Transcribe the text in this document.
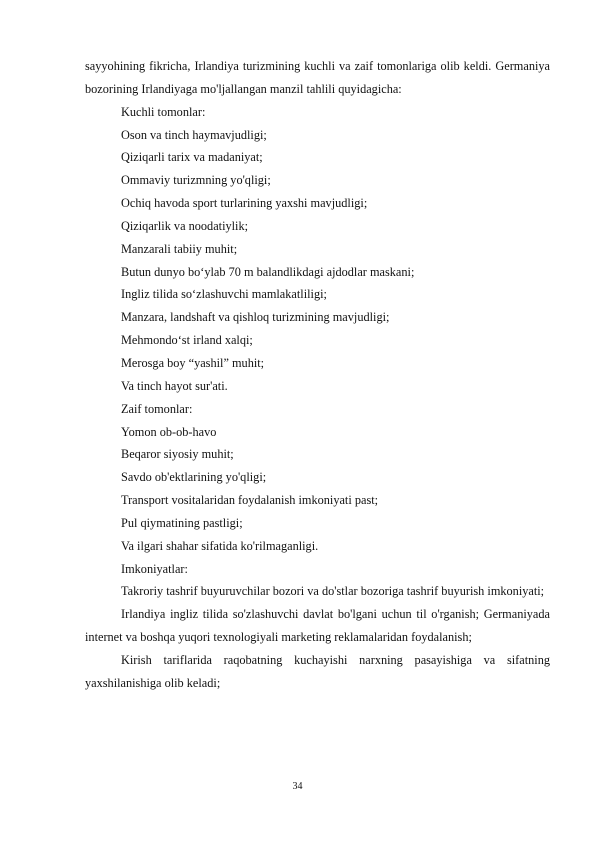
sayyohining fikricha, Irlandiya turizmining kuchli va zaif tomonlariga olib keldi. Germaniya bozorining Irlandiyaga mo'ljallangan manzil tahlili quyidagicha:

Kuchli tomonlar:

Oson va tinch haymavjudligi;

Qiziqarli tarix va madaniyat;

Ommaviy turizmning yo'qligi;

Ochiq havoda sport turlarining yaxshi mavjudligi;

Qiziqarlik va noodatiylik;

Manzarali tabiiy muhit;

Butun dunyo bo‘ylab 70 m balandlikdagi ajdodlar maskani;

Ingliz tilida so‘zlashuvchi mamlakatliligi;

Manzara, landshaft va qishloq turizmining mavjudligi;

Mehmondo‘st irland xalqi;

Merosga boy “yashil” muhit;

Va tinch hayot sur'ati.

Zaif tomonlar:

Yomon ob-ob-havo

Beqaror siyosiy muhit;

Savdo ob'ektlarining yo'qligi;

Transport vositalaridan foydalanish imkoniyati past;

Pul qiymatining pastligi;

Va ilgari shahar sifatida ko'rilmaganligi.

Imkoniyatlar:

Takroriy tashrif buyuruvchilar bozori va do'stlar bozoriga tashrif buyurish imkoniyati;

Irlandiya ingliz tilida so'zlashuvchi davlat bo'lgani uchun til o'rganish; Germaniyada internet va boshqa yuqori texnologiyali marketing reklamalaridan foydalanish;

Kirish tariflarida raqobatning kuchayishi narxning pasayishiga va sifatning yaxshilanishiga olib keladi;

34
